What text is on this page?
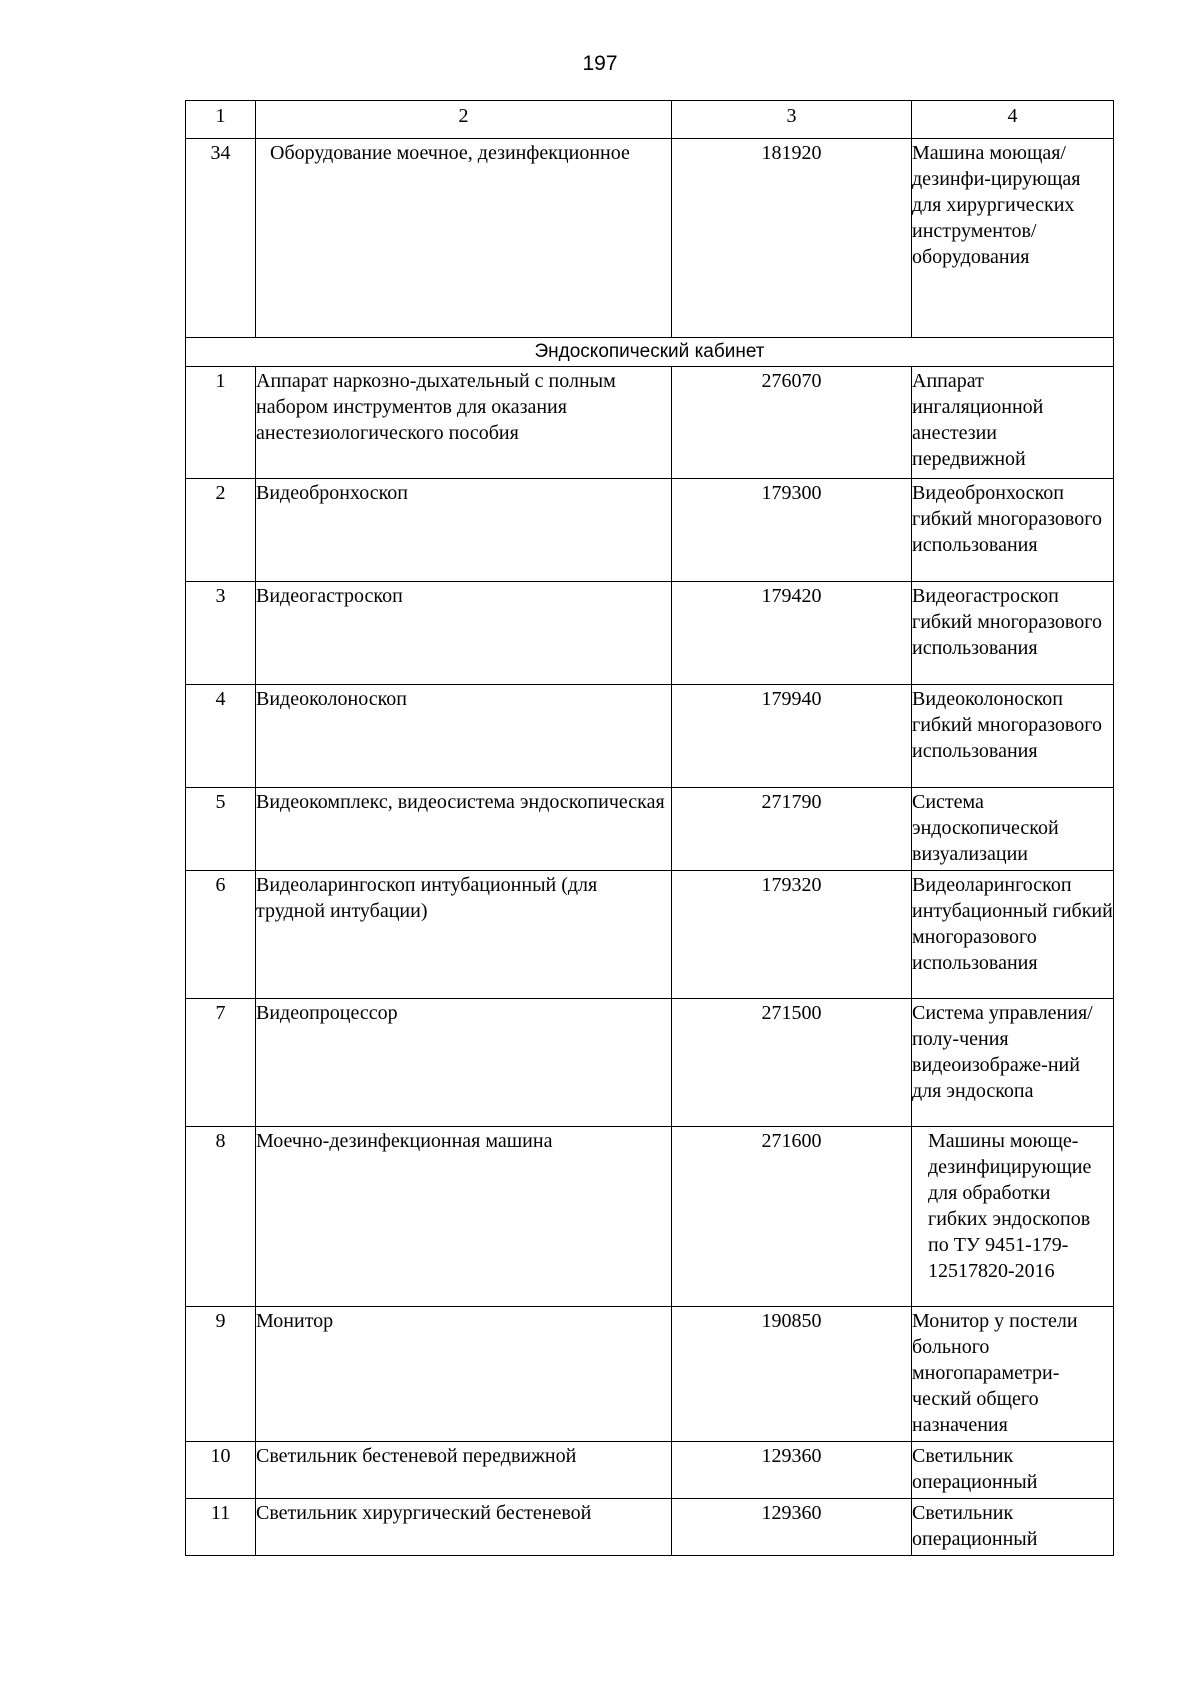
197
1	2	3	4
34	Оборудование моечное, дезинфекционное	181920	Машина моющая/дезинфи-цирующая для хирургических инструментов/ оборудования
Эндоскопический кабинет			
1	Аппарат наркозно-дыхательный с полным набором инструментов для оказания анестезиологического пособия	276070	Аппарат ингаляционной анестезии передвижной
2	Видеобронхоскоп	179300	Видеобронхоскоп гибкий многоразового использования
3	Видеогастроскоп	179420	Видеогастроскоп гибкий многоразового использования
4	Видеоколоноскоп	179940	Видеоколоноскоп гибкий многоразового использования
5	Видеокомплекс, видеосистема эндоскопическая	271790	Система эндоскопической визуализации
6	Видеоларингоскоп интубационный (для трудной интубации)	179320	Видеоларингоскоп интубационный гибкий многоразового использования
7	Видеопроцессор	271500	Система управления/полу-чения видеоизображе-ний для эндоскопа
8	Моечно-дезинфекционная машина	271600	Машины моюще-дезинфицирующие для обработки гибких эндоскопов по ТУ 9451-179-12517820-2016
9	Монитор	190850	Монитор у постели больного многопараметри-ческий общего назначения
10	Светильник бестеневой передвижной	129360	Светильник операционный
11	Светильник хирургический бестеневой	129360	Светильник операционный
